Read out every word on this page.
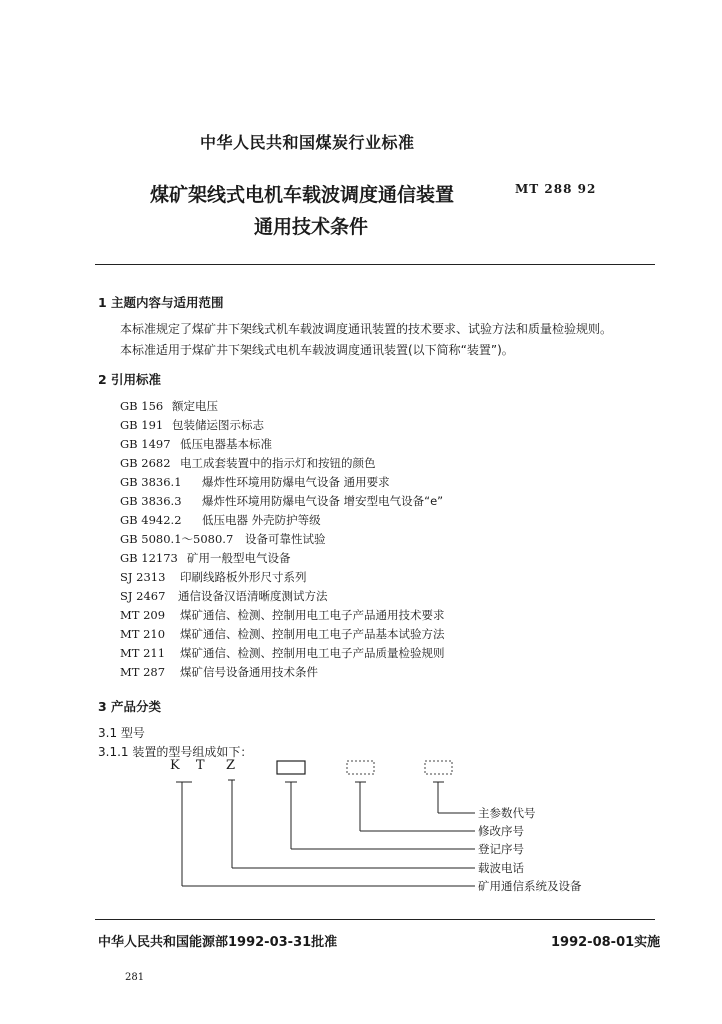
中华人民共和国煤炭行业标准
煤矿架线式电机车载波调度通信装置
通用技术条件
MT 288 92
1 主题内容与适用范围
本标准规定了煤矿井下架线式机车载波调度通讯装置的技术要求、试验方法和质量检验规则。
本标准适用于煤矿井下架线式电机车载波调度通讯装置(以下简称“装置”)。
2 引用标准
GB 156 额定电压
GB 191 包装储运图示标志
GB 1497 低压电器基本标准
GB 2682 电工成套装置中的指示灯和按钮的颜色
GB 3836.1 爆炸性环境用防爆电气设备 通用要求
GB 3836.3 爆炸性环境用防爆电气设备 增安型电气设备“e”
GB 4942.2 低压电器 外壳防护等级
GB 5080.1～5080.7 设备可靠性试验
GB 12173 矿用一般型电气设备
SJ 2313 印刷线路板外形尺寸系列
SJ 2467 通信设备汉语清晰度测试方法
MT 209 煤矿通信、检测、控制用电工电子产品通用技术要求
MT 210 煤矿通信、检测、控制用电工电子产品基本试验方法
MT 211 煤矿通信、检测、控制用电工电子产品质量检验规则
MT 287 煤矿信号设备通用技术条件
3 产品分类
3.1 型号
3.1.1 装置的型号组成如下：
K T Z
主参数代号
修改序号
登记序号
载波电话
矿用通信系统及设备
中华人民共和国能源部1992-03-31批准	1992-08-01实施
281
